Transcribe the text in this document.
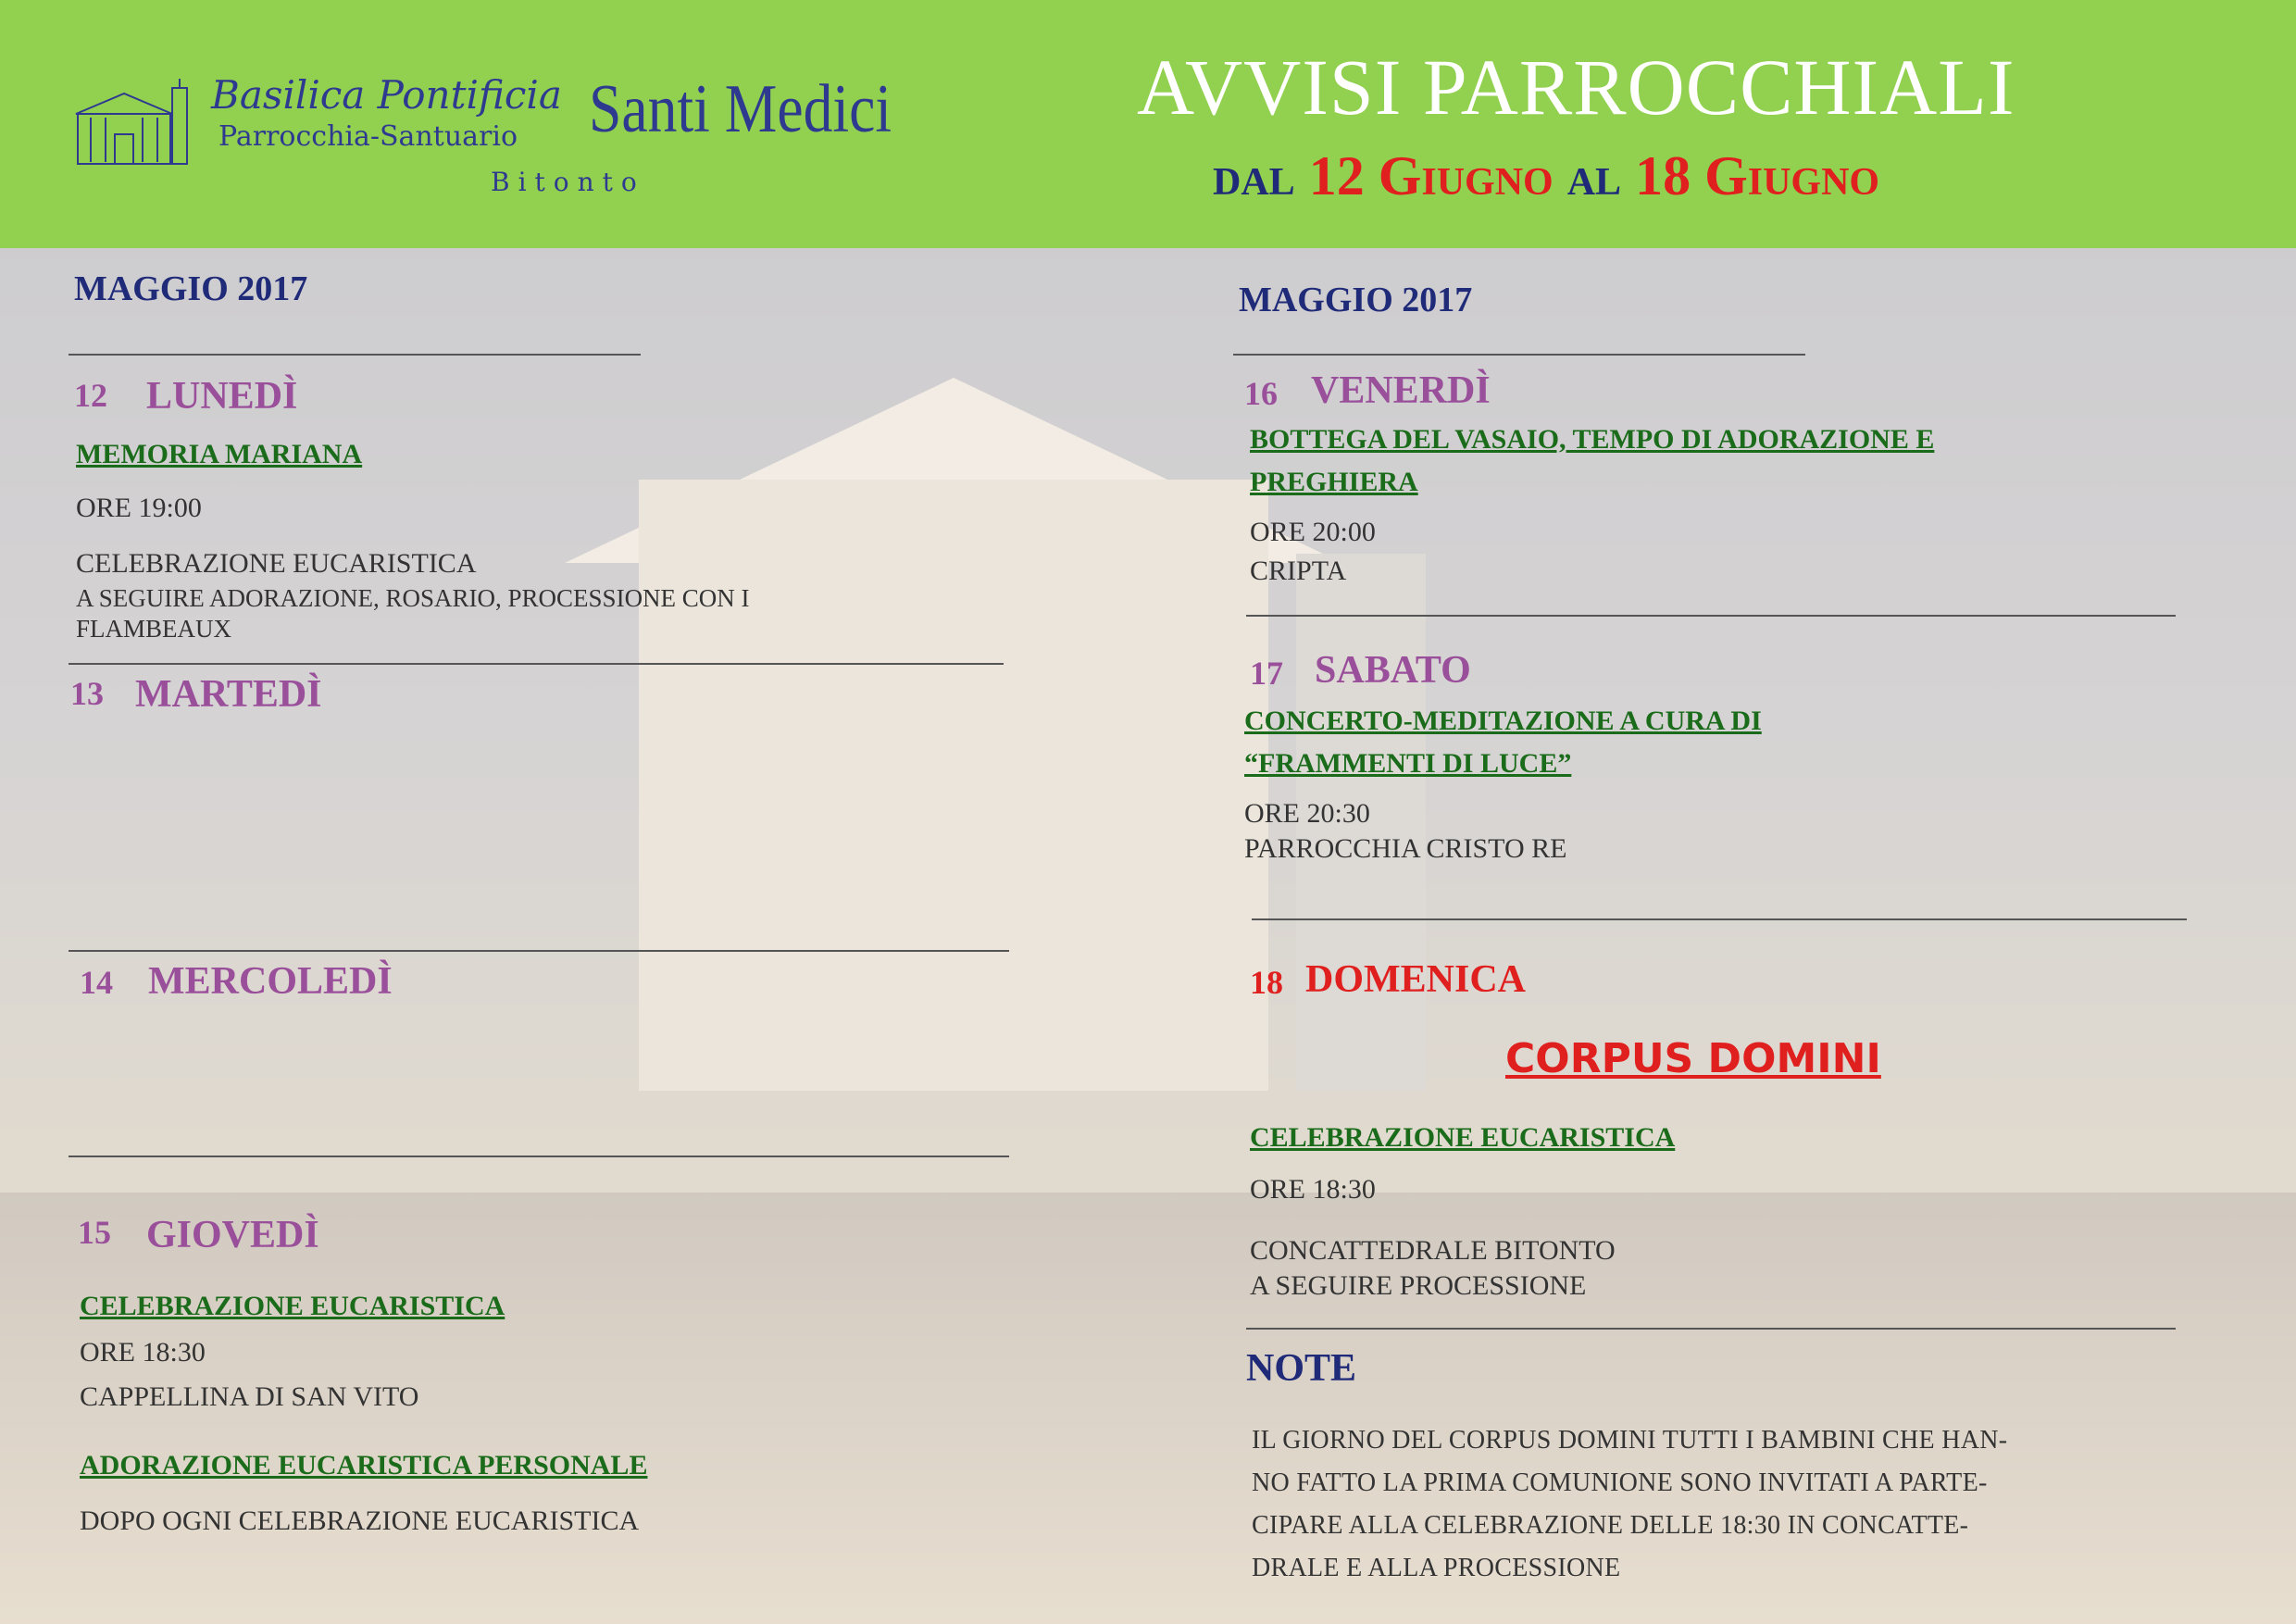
Basilica Pontificia
Parrocchia-Santuario
Bitonto
Santi Medici	AVVISI PARROCCHIALI
dal 12 Giugno al 18 Giugno
MAGGIO 2017
12 LUNEDÌ
MEMORIA MARIANA
ORE 19:00
CELEBRAZIONE EUCARISTICA
A SEGUIRE ADORAZIONE, ROSARIO, PROCESSIONE CON I
FLAMBEAUX
13 MARTEDÌ
14 MERCOLEDÌ
15 GIOVEDÌ
CELEBRAZIONE EUCARISTICA
ORE 18:30
CAPPELLINA DI SAN VITO
ADORAZIONE EUCARISTICA PERSONALE
DOPO OGNI CELEBRAZIONE EUCARISTICA
MAGGIO 2017
16 VENERDÌ
BOTTEGA DEL VASAIO, TEMPO DI ADORAZIONE E
PREGHIERA
ORE 20:00
CRIPTA
17 SABATO
CONCERTO-MEDITAZIONE A CURA DI
“FRAMMENTI DI LUCE”
ORE 20:30
PARROCCHIA CRISTO RE
18 DOMENICA
CORPUS DOMINI
CELEBRAZIONE EUCARISTICA
ORE 18:30
CONCATTEDRALE BITONTO
A SEGUIRE PROCESSIONE
NOTE
IL GIORNO DEL CORPUS DOMINI TUTTI I BAMBINI CHE HAN-
NO FATTO LA PRIMA COMUNIONE SONO INVITATI A PARTE-
CIPARE ALLA CELEBRAZIONE DELLE 18:30 IN CONCATTE-
DRALE E ALLA PROCESSIONE
